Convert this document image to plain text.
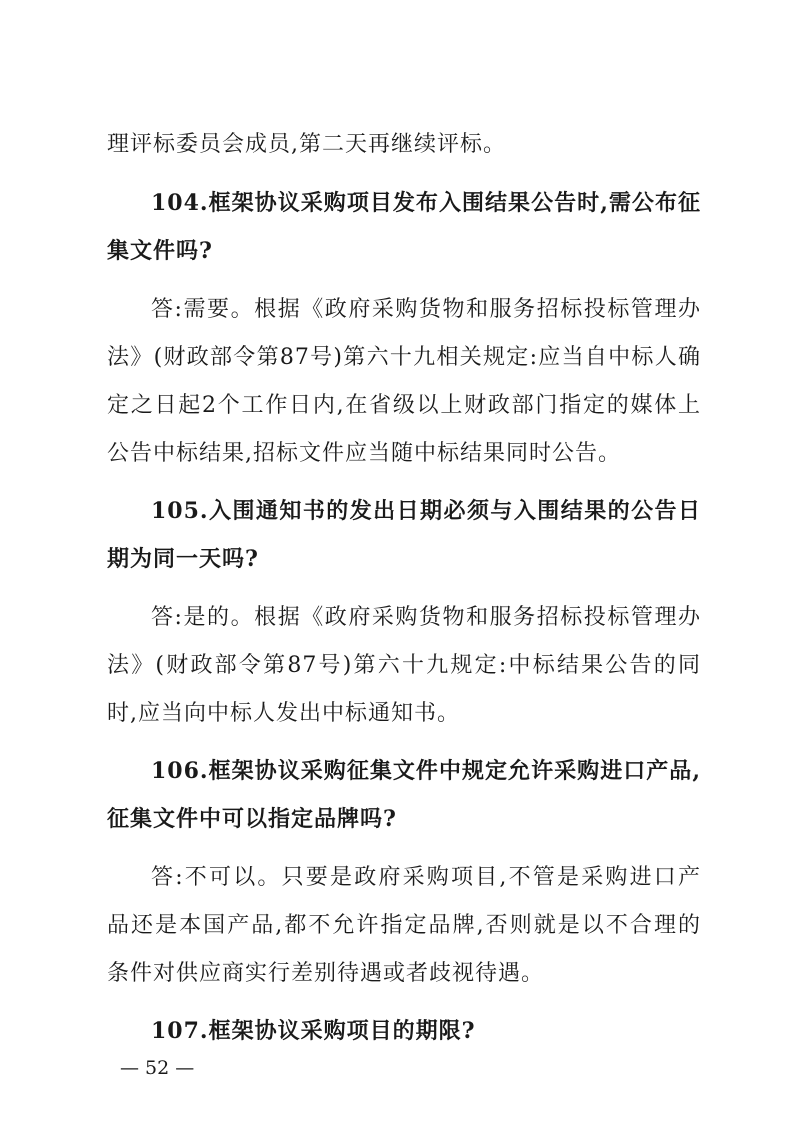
理评标委员会成员,第二天再继续评标。
104.框架协议采购项目发布入围结果公告时,需公布征
集文件吗?
答:需要。根据《政府采购货物和服务招标投标管理办
法》(财政部令第87号)第六十九相关规定:应当自中标人确
定之日起2个工作日内,在省级以上财政部门指定的媒体上
公告中标结果,招标文件应当随中标结果同时公告。
105.入围通知书的发出日期必须与入围结果的公告日
期为同一天吗?
答:是的。根据《政府采购货物和服务招标投标管理办
法》(财政部令第87号)第六十九规定:中标结果公告的同
时,应当向中标人发出中标通知书。
106.框架协议采购征集文件中规定允许采购进口产品,
征集文件中可以指定品牌吗?
答:不可以。只要是政府采购项目,不管是采购进口产
品还是本国产品,都不允许指定品牌,否则就是以不合理的
条件对供应商实行差别待遇或者歧视待遇。
107.框架协议采购项目的期限?
— 52 —
